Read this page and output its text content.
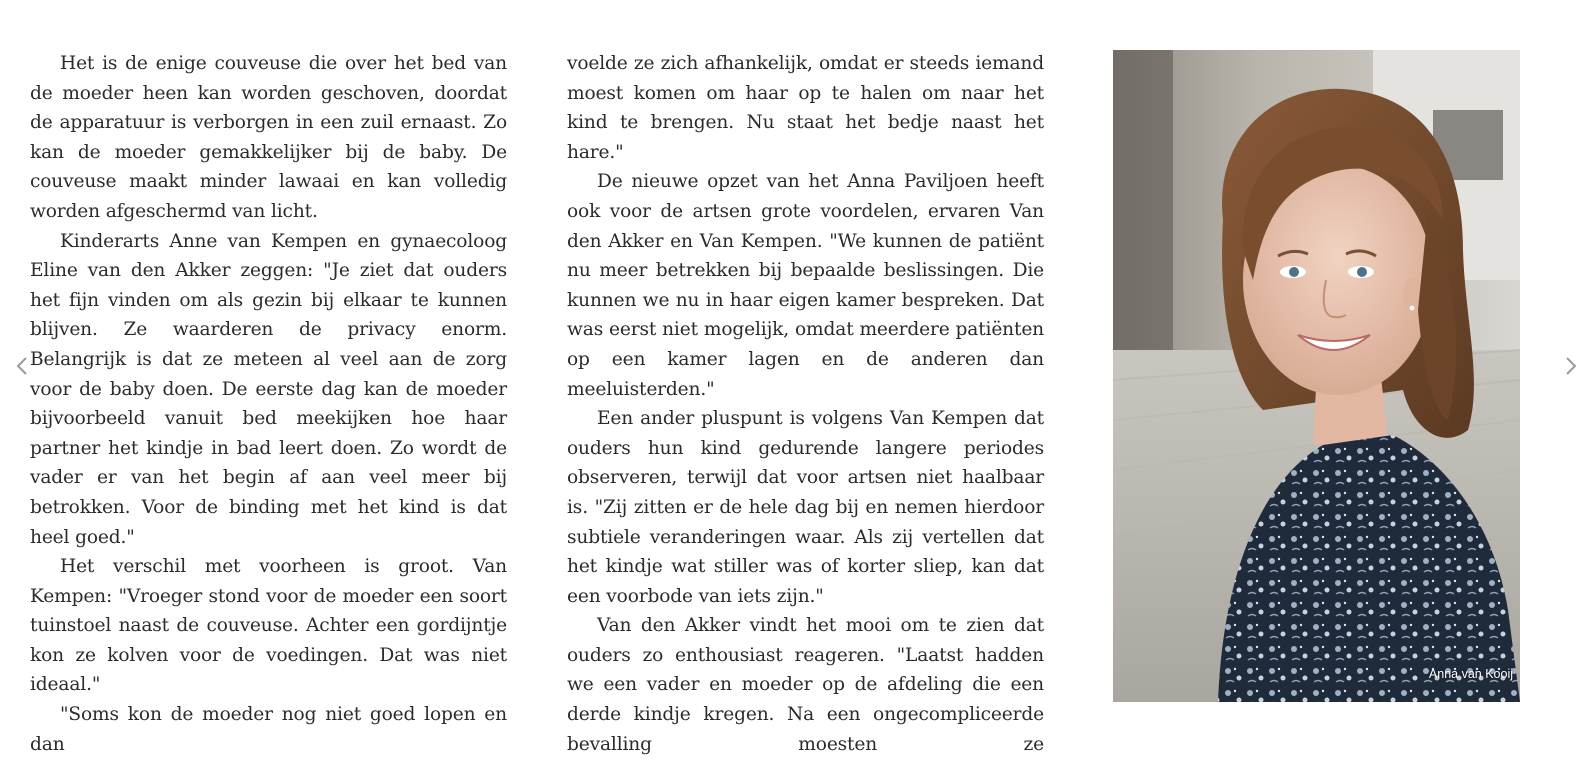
Het is de enige couveuse die over het bed van de moeder heen kan worden geschoven, doordat de apparatuur is verborgen in een zuil ernaast. Zo kan de moeder gemakkelijker bij de baby. De couveuse maakt minder lawaai en kan volledig worden afgeschermd van licht.

Kinderarts Anne van Kempen en gynaecoloog Eline van den Akker zeggen: "Je ziet dat ouders het fijn vinden om als gezin bij elkaar te kunnen blijven. Ze waarderen de privacy enorm. Belangrijk is dat ze meteen al veel aan de zorg voor de baby doen. De eerste dag kan de moeder bijvoorbeeld vanuit bed meekijken hoe haar partner het kindje in bad leert doen. Zo wordt de vader er van het begin af aan veel meer bij betrokken. Voor de binding met het kind is dat heel goed."

Het verschil met voorheen is groot. Van Kempen: "Vroeger stond voor de moeder een soort tuinstoel naast de couveuse. Achter een gordijntje kon ze kolven voor de voedingen. Dat was niet ideaal."

"Soms kon de moeder nog niet goed lopen en dan

voelde ze zich afhankelijk, omdat er steeds iemand moest komen om haar op te halen om naar het kind te brengen. Nu staat het bedje naast het hare."

De nieuwe opzet van het Anna Paviljoen heeft ook voor de artsen grote voordelen, ervaren Van den Akker en Van Kempen. "We kunnen de patiënt nu meer betrekken bij bepaalde beslissingen. Die kunnen we nu in haar eigen kamer bespreken. Dat was eerst niet mogelijk, omdat meerdere patiënten op een kamer lagen en de anderen dan meeluisterden."

Een ander pluspunt is volgens Van Kempen dat ouders hun kind gedurende langere periodes observeren, terwijl dat voor artsen niet haalbaar is. "Zij zitten er de hele dag bij en nemen hierdoor subtiele veranderingen waar. Als zij vertellen dat het kindje wat stiller was of korter sliep, kan dat een voorbode van iets zijn."

Van den Akker vindt het mooi om te zien dat ouders zo enthousiast reageren. "Laatst hadden we een vader en moeder op de afdeling die een derde kindje kregen. Na een ongecompliceerde bevalling moesten ze

Anna van Kooij
